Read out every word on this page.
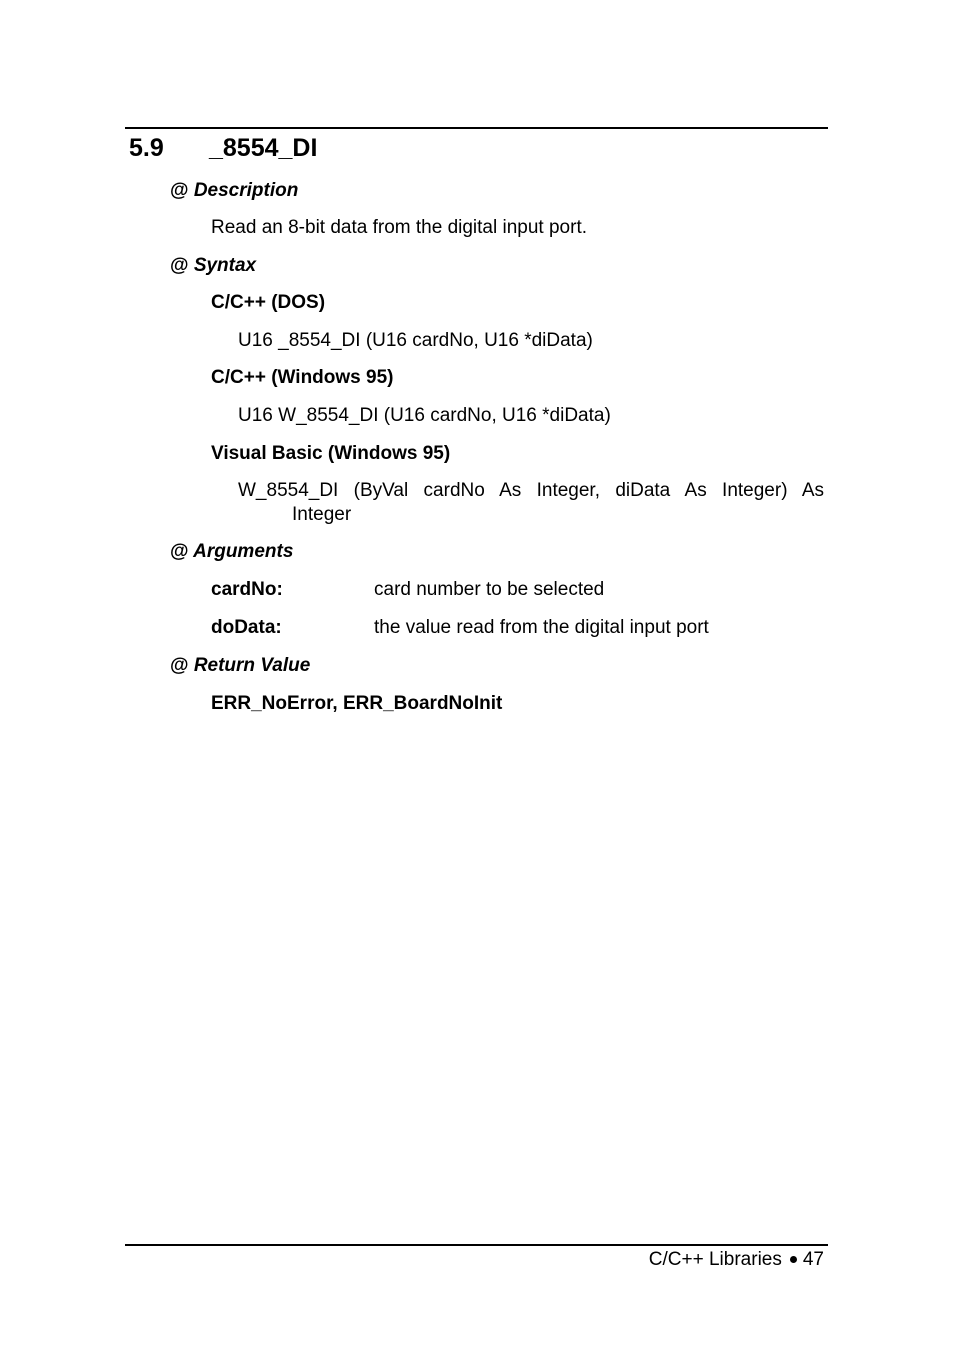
5.9 _8554_DI
@ Description
Read an 8-bit data from the digital input port.
@ Syntax
C/C++ (DOS)
U16 _8554_DI (U16 cardNo, U16 *diData)
C/C++ (Windows 95)
U16 W_8554_DI (U16 cardNo, U16 *diData)
Visual Basic (Windows 95)
W_8554_DI (ByVal cardNo As Integer, diData As Integer) As
Integer
@ Arguments
cardNo:	card number to be selected
doData:	the value read from the digital input port
@ Return Value
ERR_NoError, ERR_BoardNoInit
C/C++ Libraries 47
